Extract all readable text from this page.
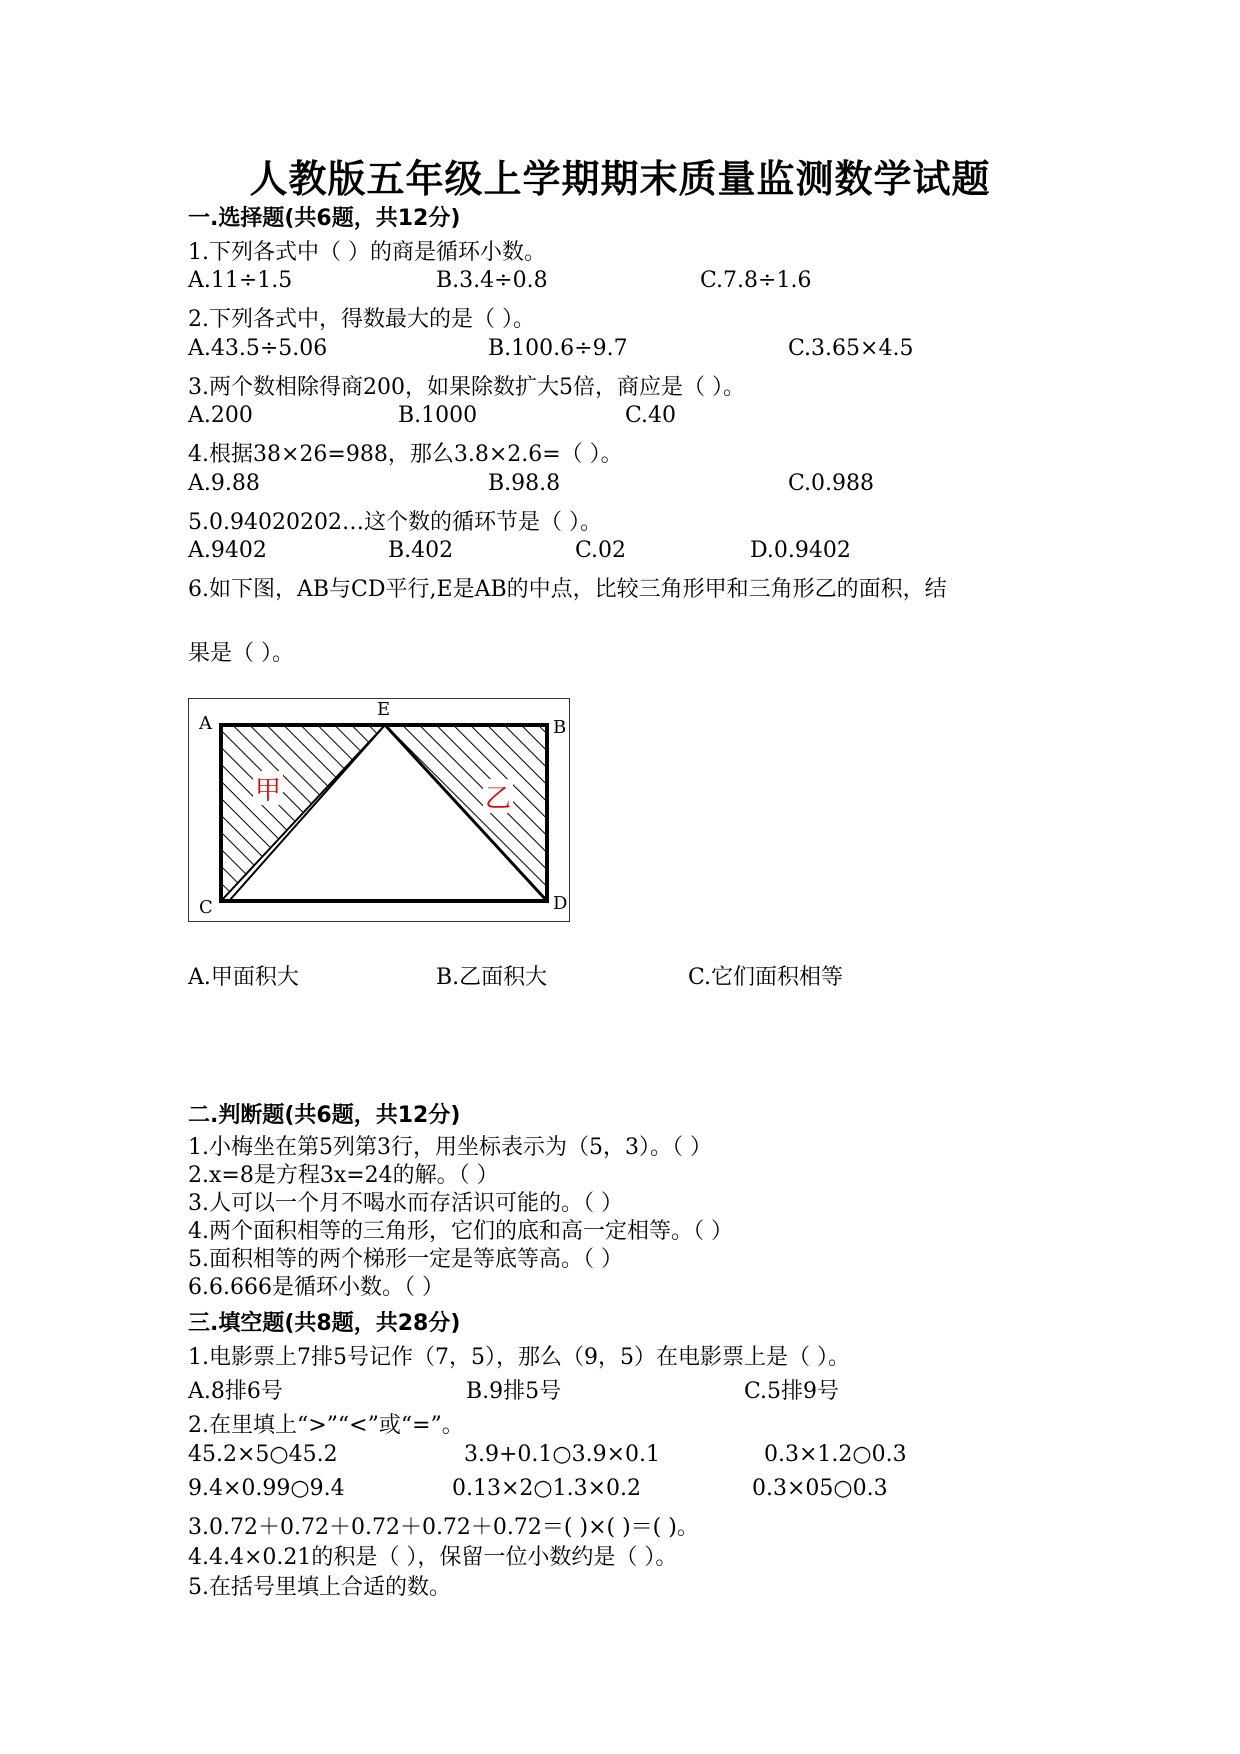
人教版五年级上学期期末质量监测数学试题
一.选择题(共6题，共12分)
1.下列各式中（ ）的商是循环小数。
A.11÷1.5	B.3.4÷0.8	C.7.8÷1.6
2.下列各式中，得数最大的是（ ）。
A.43.5÷5.06	B.100.6÷9.7	C.3.65×4.5
3.两个数相除得商200，如果除数扩大5倍，商应是（ ）。
A.200	B.1000	C.40
4.根据38×26=988，那么3.8×2.6=（ ）。
A.9.88	B.98.8	C.0.988
5.0.94020202…这个数的循环节是（ ）。
A.9402	B.402	C.02	D.0.9402
6.如下图，AB与CD平行,E是AB的中点，比较三角形甲和三角形乙的面积，结
果是（ ）。
甲	乙
A
E
B
C	D
A.甲面积大	B.乙面积大	C.它们面积相等
二.判断题(共6题，共12分)
1.小梅坐在第5列第3行，用坐标表示为（5，3）。（ ）
2.x=8是方程3x=24的解。（ ）
3.人可以一个月不喝水而存活识可能的。（ ）
4.两个面积相等的三角形，它们的底和高一定相等。（ ）
5.面积相等的两个梯形一定是等底等高。（ ）
6.6.666是循环小数。（ ）
三.填空题(共8题，共28分)
1.电影票上7排5号记作（7，5），那么（9，5）在电影票上是（ ）。
A.8排6号	B.9排5号	C.5排9号
2.在里填上“>”“<”或“=”。
45.2×5○45.2	3.9+0.1○3.9×0.1	0.3×1.2○0.3
9.4×0.99○9.4	0.13×2○1.3×0.2	0.3×05○0.3
3.0.72＋0.72＋0.72＋0.72＋0.72＝( )×( )＝( )。
4.4.4×0.21的积是（ ），保留一位小数约是（ ）。
5.在括号里填上合适的数。
